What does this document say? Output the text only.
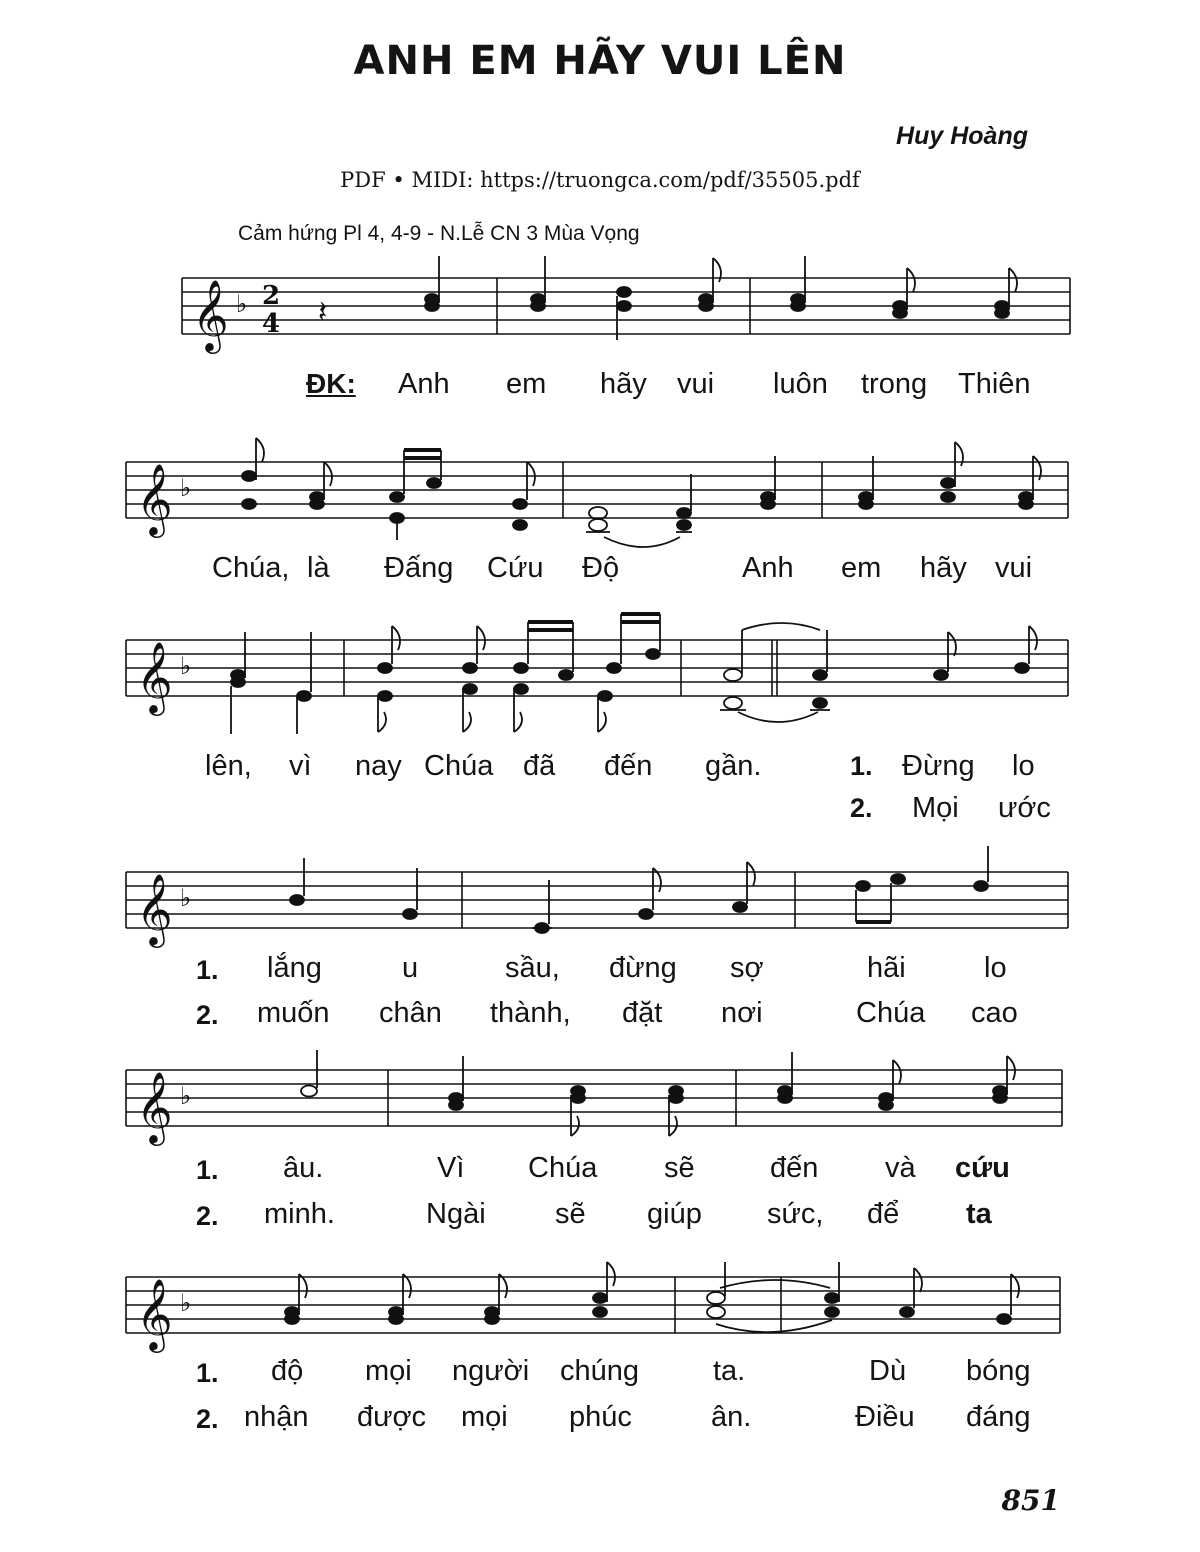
ANH EM HÃY VUI LÊN
Huy Hoàng
PDF • MIDI: https://truongca.com/pdf/35505.pdf
Cảm hứng Pl 4, 4-9 - N.Lễ CN 3 Mùa Vọng
𝄞 ♭ 2
4 𝄽
ĐK: Anh em hãy vui luôn trong Thiên
𝄞 ♭
Chúa, là Đấng Cứu Độ	Anh em hãy vui
𝄞 ♭
lên, vì nay Chúa đã đến gần.	1. Đừng lo
2. Mọi ước
𝄞 ♭
1. lắng	u	sầu, đừng sợ	hãi	lo
2. muốn chân thành, đặt nơi	Chúa cao
𝄞 ♭
1. âu.	Vì Chúa sẽ	đến và cứu
2. minh.	Ngài sẽ giúp sức, để ta
𝄞 ♭
1. độ mọi người chúng	ta.	Dù bóng
2. nhận được mọi phúc	ân.	Điều đáng
851
